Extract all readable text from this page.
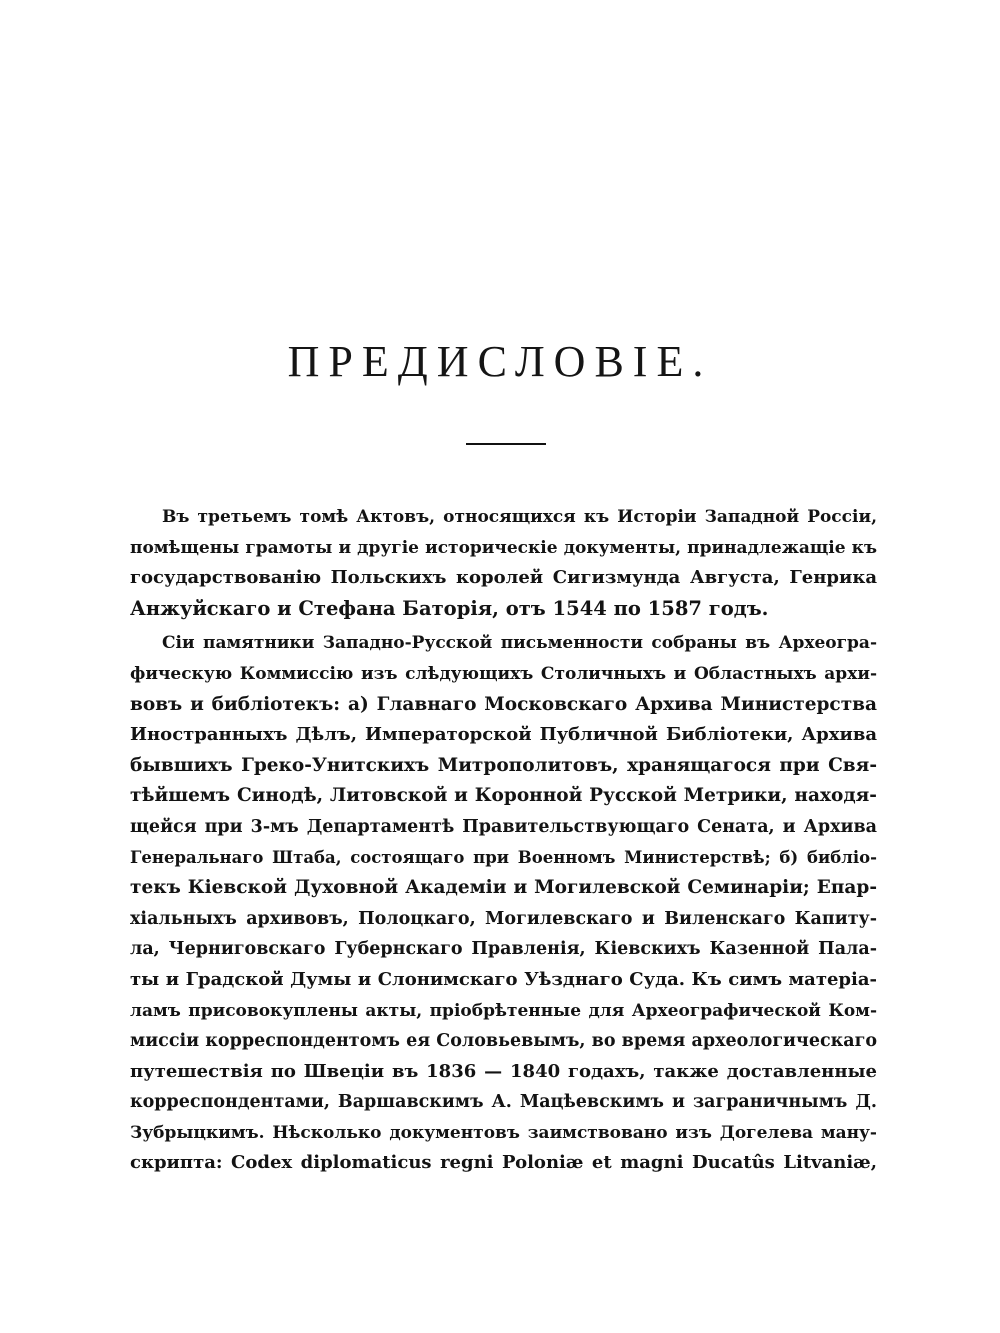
ПРЕДИСЛОВІЕ.
Въ третьемъ томѣ Актовъ, относящихся къ Исторіи Западной Россіи,
помѣщены грамоты и другіе историческіе документы, принадлежащіе къ
государствованію Польскихъ королей Сигизмунда Августа, Генрика
Анжуйскаго и Стефана Баторія, отъ 1544 по 1587 годъ.
Сіи памятники Западно-Русской письменности собраны въ Археогра-
фическую Коммиссію изъ слѣдующихъ Столичныхъ и Областныхъ архи-
вовъ и библіотекъ: а) Главнаго Московскаго Архива Министерства
Иностранныхъ Дѣлъ, Императорской Публичной Библіотеки, Архива
бывшихъ Греко-Унитскихъ Митрополитовъ, хранящагося при Свя-
тѣйшемъ Синодѣ, Литовской и Коронной Русской Метрики, находя-
щейся при 3-мъ Департаментѣ Правительствующаго Сената, и Архива
Генеральнаго Штаба, состоящаго при Военномъ Министерствѣ; б) библіо-
текъ Кіевской Духовной Академіи и Могилевской Семинаріи; Епар-
хіальныхъ архивовъ, Полоцкаго, Могилевскаго и Виленскаго Капиту-
ла, Черниговскаго Губернскаго Правленія, Кіевскихъ Казенной Пала-
ты и Градской Думы и Слонимскаго Уѣзднаго Суда. Къ симъ матеріа-
ламъ присовокуплены акты, пріобрѣтенные для Археографической Ком-
миссіи корреспондентомъ ея Соловьевымъ, во время археологическаго
путешествія по Швеціи въ 1836 — 1840 годахъ, также доставленные
корреспондентами, Варшавскимъ А. Мацѣевскимъ и заграничнымъ Д.
Зубрыцкимъ. Нѣсколько документовъ заимствовано изъ Догелева ману-
скрипта: Codex diplomaticus regni Poloniæ et magni Ducatûs Litvaniæ,
